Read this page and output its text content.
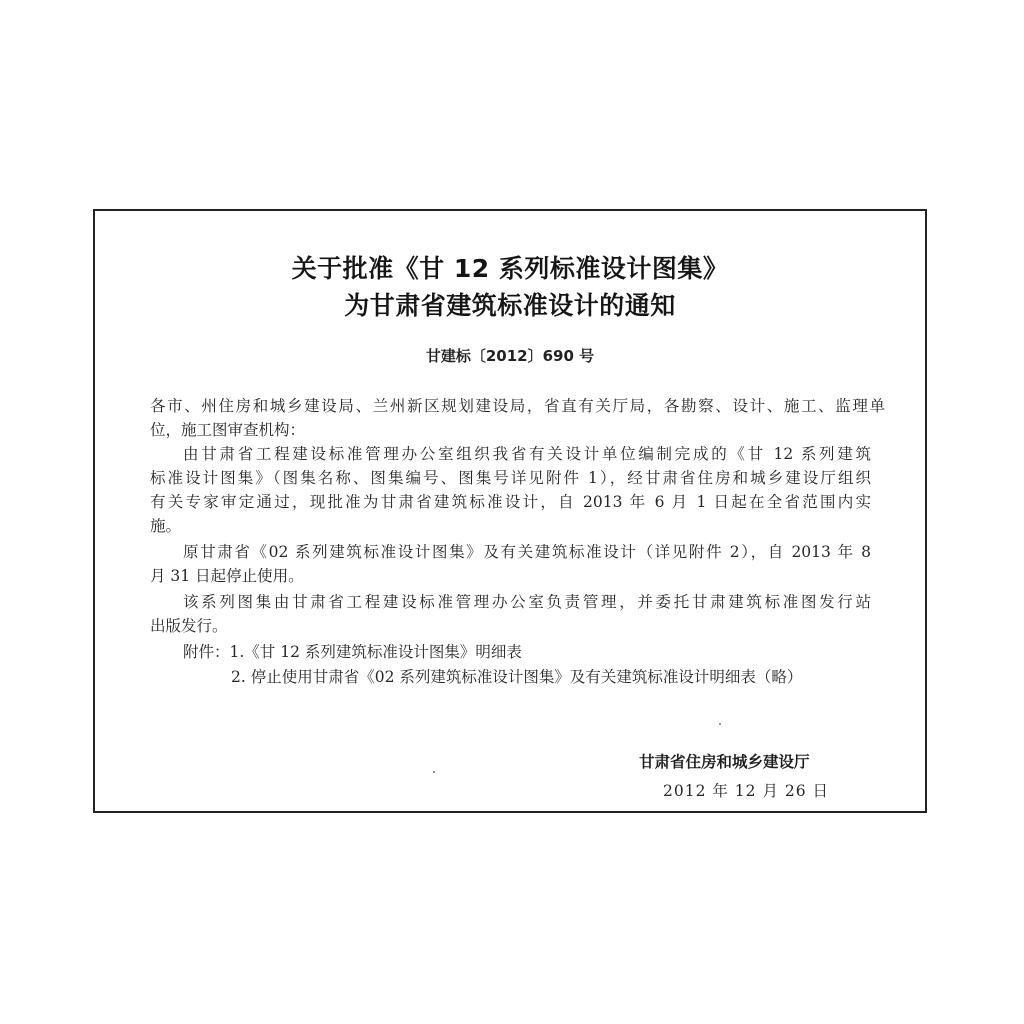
关于批准《甘 12 系列标准设计图集》
为甘肃省建筑标准设计的通知
甘建标〔2012〕690 号
各市、州住房和城乡建设局、兰州新区规划建设局，省直有关厅局，各勘察、设计、施工、监理单
位，施工图审查机构：
由甘肃省工程建设标准管理办公室组织我省有关设计单位编制完成的《甘 12 系列建筑
标准设计图集》（图集名称、图集编号、图集号详见附件 1），经甘肃省住房和城乡建设厅组织
有关专家审定通过，现批准为甘肃省建筑标准设计，自 2013 年 6 月 1 日起在全省范围内实
施。
原甘肃省《02 系列建筑标准设计图集》及有关建筑标准设计（详见附件 2），自 2013 年 8
月 31 日起停止使用。
该系列图集由甘肃省工程建设标准管理办公室负责管理，并委托甘肃建筑标准图发行站
出版发行。
附件：1.《甘 12 系列建筑标准设计图集》明细表
2. 停止使用甘肃省《02 系列建筑标准设计图集》及有关建筑标准设计明细表（略）
甘肃省住房和城乡建设厅
2012 年 12 月 26 日
